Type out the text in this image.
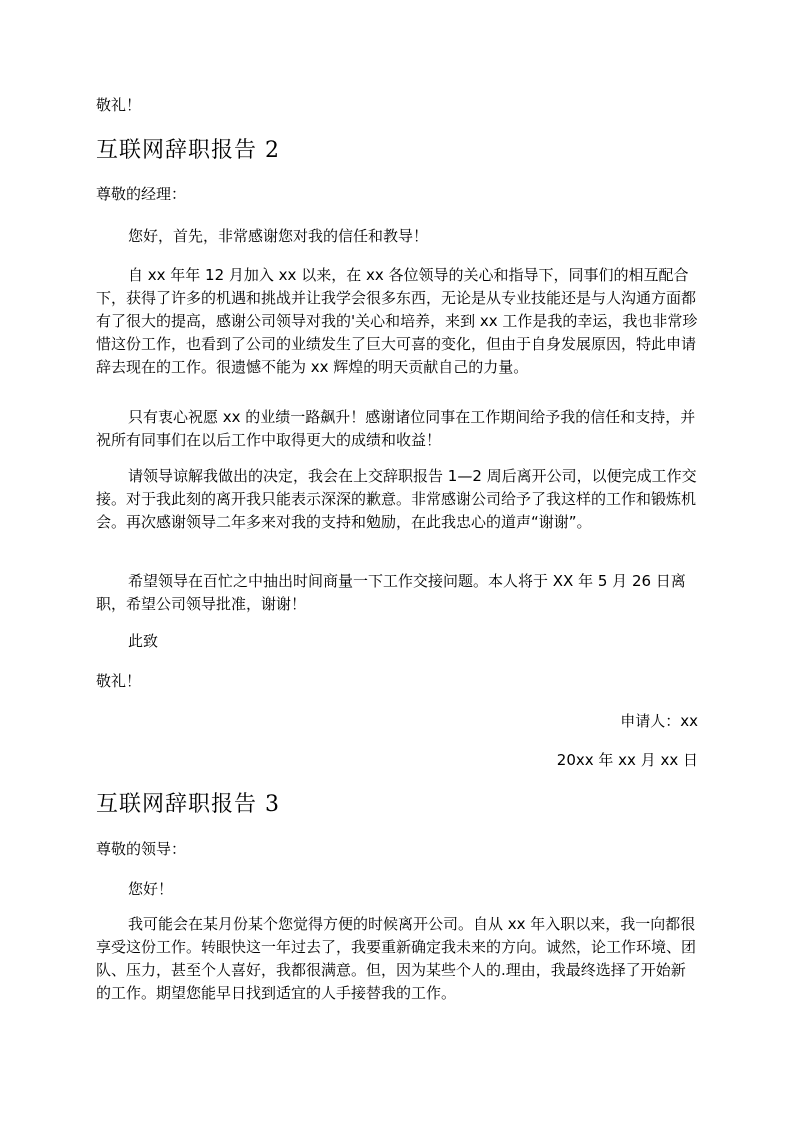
敬礼！

互联网辞职报告 2

尊敬的经理：

您好，首先，非常感谢您对我的信任和教导！

自 xx 年年 12 月加入 xx 以来，在 xx 各位领导的关心和指导下，同事们的相互配合下，获得了许多的机遇和挑战并让我学会很多东西，无论是从专业技能还是与人沟通方面都有了很大的提高，感谢公司领导对我的'关心和培养，来到 xx 工作是我的幸运，我也非常珍惜这份工作，也看到了公司的业绩发生了巨大可喜的变化，但由于自身发展原因，特此申请辞去现在的工作。很遗憾不能为 xx 辉煌的明天贡献自己的力量。

只有衷心祝愿 xx 的业绩一路飙升！感谢诸位同事在工作期间给予我的信任和支持，并祝所有同事们在以后工作中取得更大的成绩和收益！

请领导谅解我做出的决定，我会在上交辞职报告 1—2 周后离开公司，以便完成工作交接。对于我此刻的离开我只能表示深深的歉意。非常感谢公司给予了我这样的工作和锻炼机会。再次感谢领导二年多来对我的支持和勉励，在此我忠心的道声“谢谢”。

希望领导在百忙之中抽出时间商量一下工作交接问题。本人将于 XX 年 5 月 26 日离职，希望公司领导批准，谢谢！

此致

敬礼！

申请人：xx

20xx 年 xx 月 xx 日

互联网辞职报告 3

尊敬的领导：

您好！

我可能会在某月份某个您觉得方便的时候离开公司。自从 xx 年入职以来，我一向都很享受这份工作。转眼快这一年过去了，我要重新确定我未来的方向。诚然，论工作环境、团队、压力，甚至个人喜好，我都很满意。但，因为某些个人的.理由，我最终选择了开始新的工作。期望您能早日找到适宜的人手接替我的工作。
